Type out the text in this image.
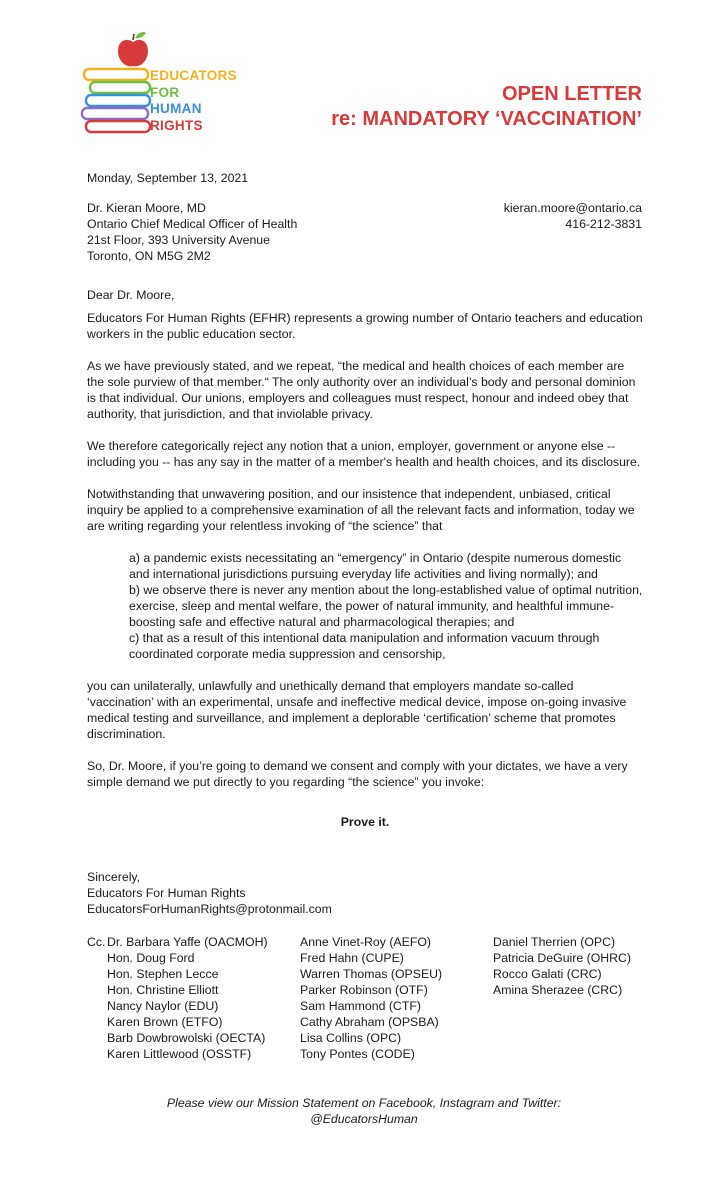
EDUCATORS
FOR
HUMAN
RIGHTS
OPEN LETTER
re: MANDATORY ‘VACCINATION’
Monday, September 13, 2021
Dr. Kieran Moore, MD
Ontario Chief Medical Officer of Health
21st Floor, 393 University Avenue
Toronto, ON M5G 2M2
kieran.moore@ontario.ca
416-212-3831
Dear Dr. Moore,

Educators For Human Rights (EFHR) represents a growing number of Ontario teachers and education workers in the public education sector.

As we have previously stated, and we repeat, “the medical and health choices of each member are the sole purview of that member.“ The only authority over an individual’s body and personal dominion is that individual. Our unions, employers and colleagues must respect, honour and indeed obey that authority, that jurisdiction, and that inviolable privacy.

We therefore categorically reject any notion that a union, employer, government or anyone else -- including you -- has any say in the matter of a member's health and health choices, and its disclosure.

Notwithstanding that unwavering position, and our insistence that independent, unbiased, critical inquiry be applied to a comprehensive examination of all the relevant facts and information, today we are writing regarding your relentless invoking of “the science” that

a) a pandemic exists necessitating an “emergency” in Ontario (despite numerous domestic and international jurisdictions pursuing everyday life activities and living normally); and
b) we observe there is never any mention about the long-established value of optimal nutrition, exercise, sleep and mental welfare, the power of natural immunity, and healthful immune-boosting safe and effective natural and pharmacological therapies; and
c) that as a result of this intentional data manipulation and information vacuum through coordinated corporate media suppression and censorship,

you can unilaterally, unlawfully and unethically demand that employers mandate so-called ‘vaccination’ with an experimental, unsafe and ineffective medical device, impose on-going invasive medical testing and surveillance, and implement a deplorable ‘certification’ scheme that promotes discrimination.

So, Dr. Moore, if you’re going to demand we consent and comply with your dictates, we have a very simple demand we put directly to you regarding “the science” you invoke:

Prove it.

Sincerely,
Educators For Human Rights
EducatorsForHumanRights@protonmail.com

Cc. Dr. Barbara Yaffe (OACMOH)
Hon. Doug Ford
Hon. Stephen Lecce
Hon. Christine Elliott
Nancy Naylor (EDU)
Karen Brown (ETFO)
Barb Dowbrowolski (OECTA)
Karen Littlewood (OSSTF)
Anne Vinet-Roy (AEFO)
Fred Hahn (CUPE)
Warren Thomas (OPSEU)
Parker Robinson (OTF)
Sam Hammond (CTF)
Cathy Abraham (OPSBA)
Lisa Collins (OPC)
Tony Pontes (CODE)
Daniel Therrien (OPC)
Patricia DeGuire (OHRC)
Rocco Galati (CRC)
Amina Sherazee (CRC)
Please view our Mission Statement on Facebook, Instagram and Twitter:
@EducatorsHuman
